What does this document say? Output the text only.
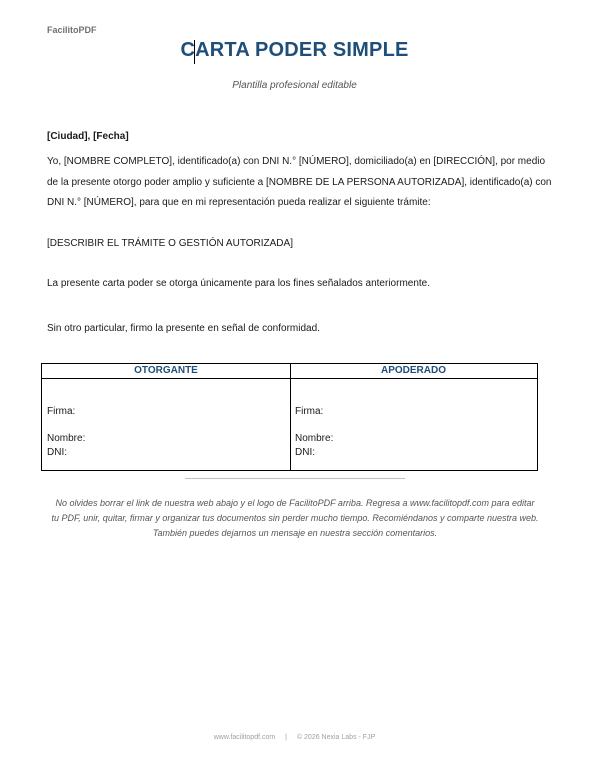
FacilitoPDF
CARTA PODER SIMPLE
Plantilla profesional editable
[Ciudad], [Fecha]
Yo, [NOMBRE COMPLETO], identificado(a) con DNI N.° [NÚMERO], domiciliado(a) en [DIRECCIÓN], por medio
de la presente otorgo poder amplio y suficiente a [NOMBRE DE LA PERSONA AUTORIZADA], identificado(a) con
DNI N.° [NÚMERO], para que en mi representación pueda realizar el siguiente trámite:
[DESCRIBIR EL TRÁMITE O GESTIÓN AUTORIZADA]
La presente carta poder se otorga únicamente para los fines señalados anteriormente.
Sin otro particular, firmo la presente en señal de conformidad.
OTORGANTE
Firma:
Nombre:
DNI:
APODERADO
Firma:
Nombre:
DNI:
No olvides borrar el link de nuestra web abajo y el logo de FacilitoPDF arriba. Regresa a www.facilitopdf.com para editar
tu PDF, unir, quitar, firmar y organizar tus documentos sin perder mucho tiempo. Recomiéndanos y comparte nuestra web.
También puedes dejarnos un mensaje en nuestra sección comentarios.
www.facilitopdf.com | © 2026 Nexia Labs - FJP
